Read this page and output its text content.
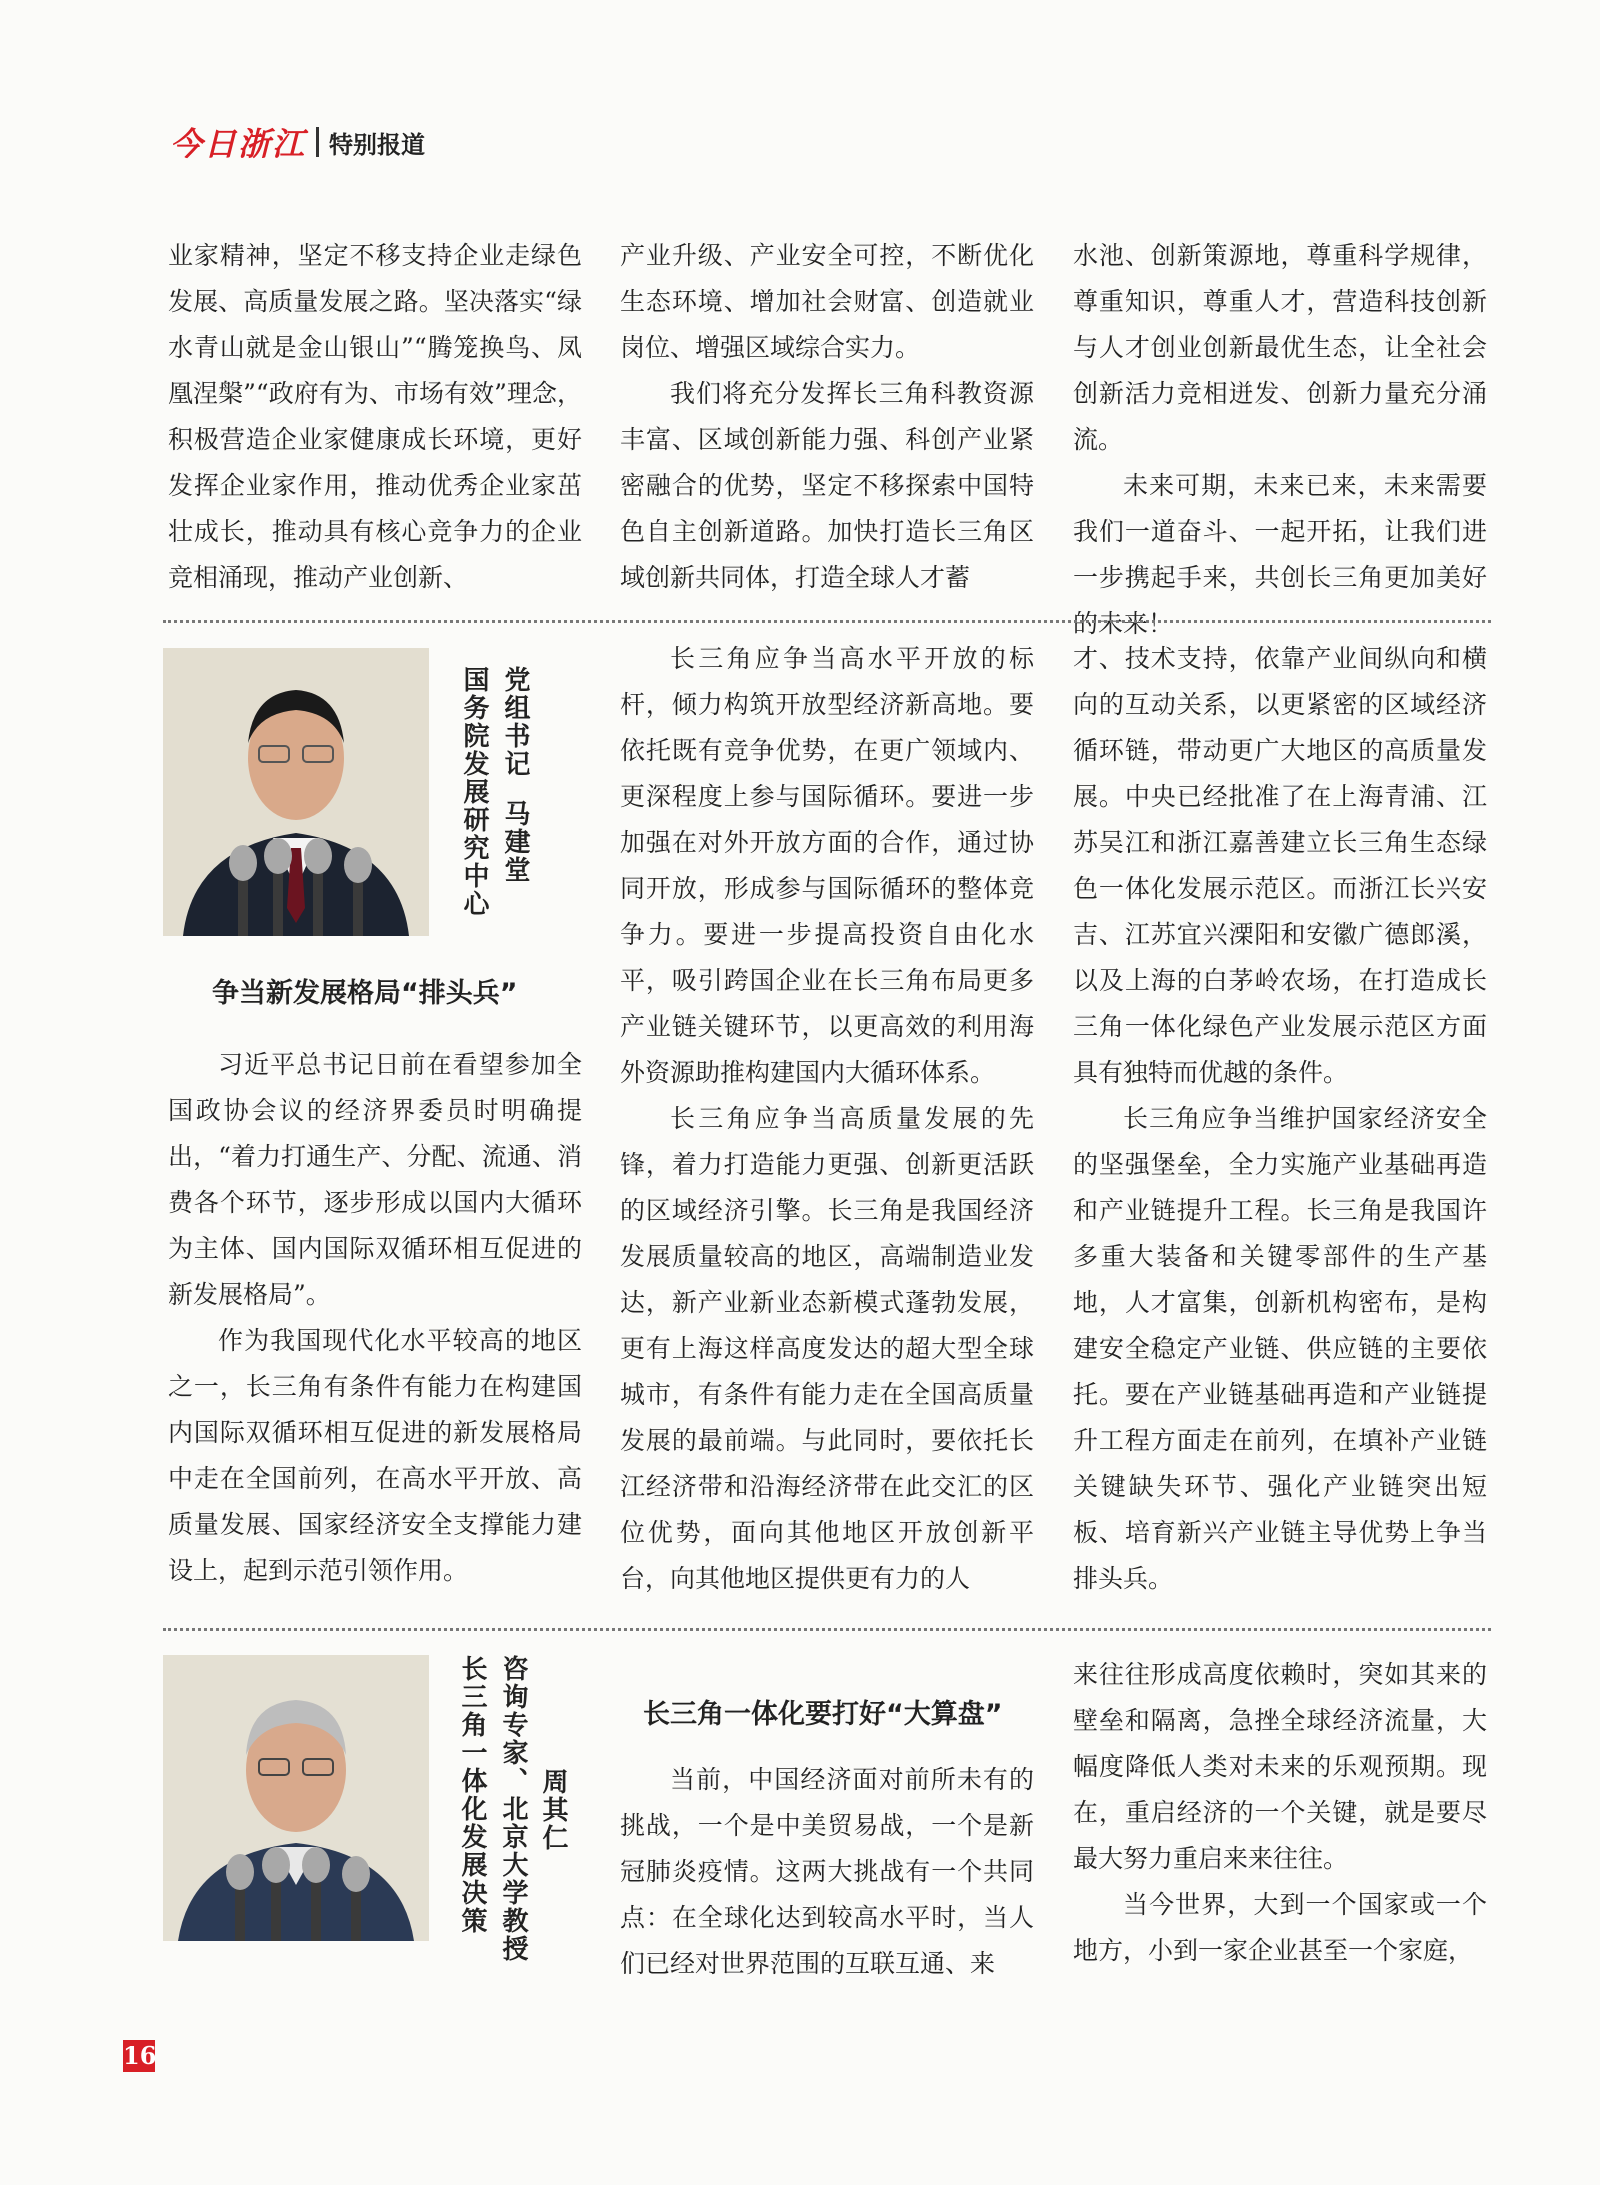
今日浙江 特别报道

业家精神，坚定不移支持企业走绿色发展、高质量发展之路。坚决落实“绿水青山就是金山银山”“腾笼换鸟、凤凰涅槃”“政府有为、市场有效”理念，积极营造企业家健康成长环境，更好发挥企业家作用，推动优秀企业家茁壮成长，推动具有核心竞争力的企业竞相涌现，推动产业创新、

产业升级、产业安全可控，不断优化生态环境、增加社会财富、创造就业岗位、增强区域综合实力。

我们将充分发挥长三角科教资源丰富、区域创新能力强、科创产业紧密融合的优势，坚定不移探索中国特色自主创新道路。加快打造长三角区域创新共同体，打造全球人才蓄

水池、创新策源地，尊重科学规律，尊重知识，尊重人才，营造科技创新与人才创业创新最优生态，让全社会创新活力竞相迸发、创新力量充分涌流。

未来可期，未来已来，未来需要我们一道奋斗、一起开拓，让我们进一步携起手来，共创长三角更加美好的未来！

党组书记马建堂
国务院发展研究中心
争当新发展格局“排头兵”

习近平总书记日前在看望参加全国政协会议的经济界委员时明确提出，“着力打通生产、分配、流通、消费各个环节，逐步形成以国内大循环为主体、国内国际双循环相互促进的新发展格局”。

作为我国现代化水平较高的地区之一，长三角有条件有能力在构建国内国际双循环相互促进的新发展格局中走在全国前列，在高水平开放、高质量发展、国家经济安全支撑能力建设上，起到示范引领作用。

长三角应争当高水平开放的标杆，倾力构筑开放型经济新高地。要依托既有竞争优势，在更广领域内、更深程度上参与国际循环。要进一步加强在对外开放方面的合作，通过协同开放，形成参与国际循环的整体竞争力。要进一步提高投资自由化水平，吸引跨国企业在长三角布局更多产业链关键环节，以更高效的利用海外资源助推构建国内大循环体系。

长三角应争当高质量发展的先锋，着力打造能力更强、创新更活跃的区域经济引擎。长三角是我国经济发展质量较高的地区，高端制造业发达，新产业新业态新模式蓬勃发展，更有上海这样高度发达的超大型全球城市，有条件有能力走在全国高质量发展的最前端。与此同时，要依托长江经济带和沿海经济带在此交汇的区位优势，面向其他地区开放创新平台，向其他地区提供更有力的人

才、技术支持，依靠产业间纵向和横向的互动关系，以更紧密的区域经济循环链，带动更广大地区的高质量发展。中央已经批准了在上海青浦、江苏吴江和浙江嘉善建立长三角生态绿色一体化发展示范区。而浙江长兴安吉、江苏宜兴溧阳和安徽广德郎溪，以及上海的白茅岭农场，在打造成长三角一体化绿色产业发展示范区方面具有独特而优越的条件。

长三角应争当维护国家经济安全的坚强堡垒，全力实施产业基础再造和产业链提升工程。长三角是我国许多重大装备和关键零部件的生产基地，人才富集，创新机构密布，是构建安全稳定产业链、供应链的主要依托。要在产业链基础再造和产业链提升工程方面走在前列，在填补产业链关键缺失环节、强化产业链突出短板、培育新兴产业链主导优势上争当排头兵。

周其仁
咨询专家、北京大学教授
长三角一体化发展决策	长三角一体化要打好“大算盘”

当前，中国经济面对前所未有的挑战，一个是中美贸易战，一个是新冠肺炎疫情。这两大挑战有一个共同点：在全球化达到较高水平时，当人们已经对世界范围的互联互通、来

来往往形成高度依赖时，突如其来的壁垒和隔离，急挫全球经济流量，大幅度降低人类对未来的乐观预期。现在，重启经济的一个关键，就是要尽最大努力重启来来往往。

当今世界，大到一个国家或一个地方，小到一家企业甚至一个家庭，

16
